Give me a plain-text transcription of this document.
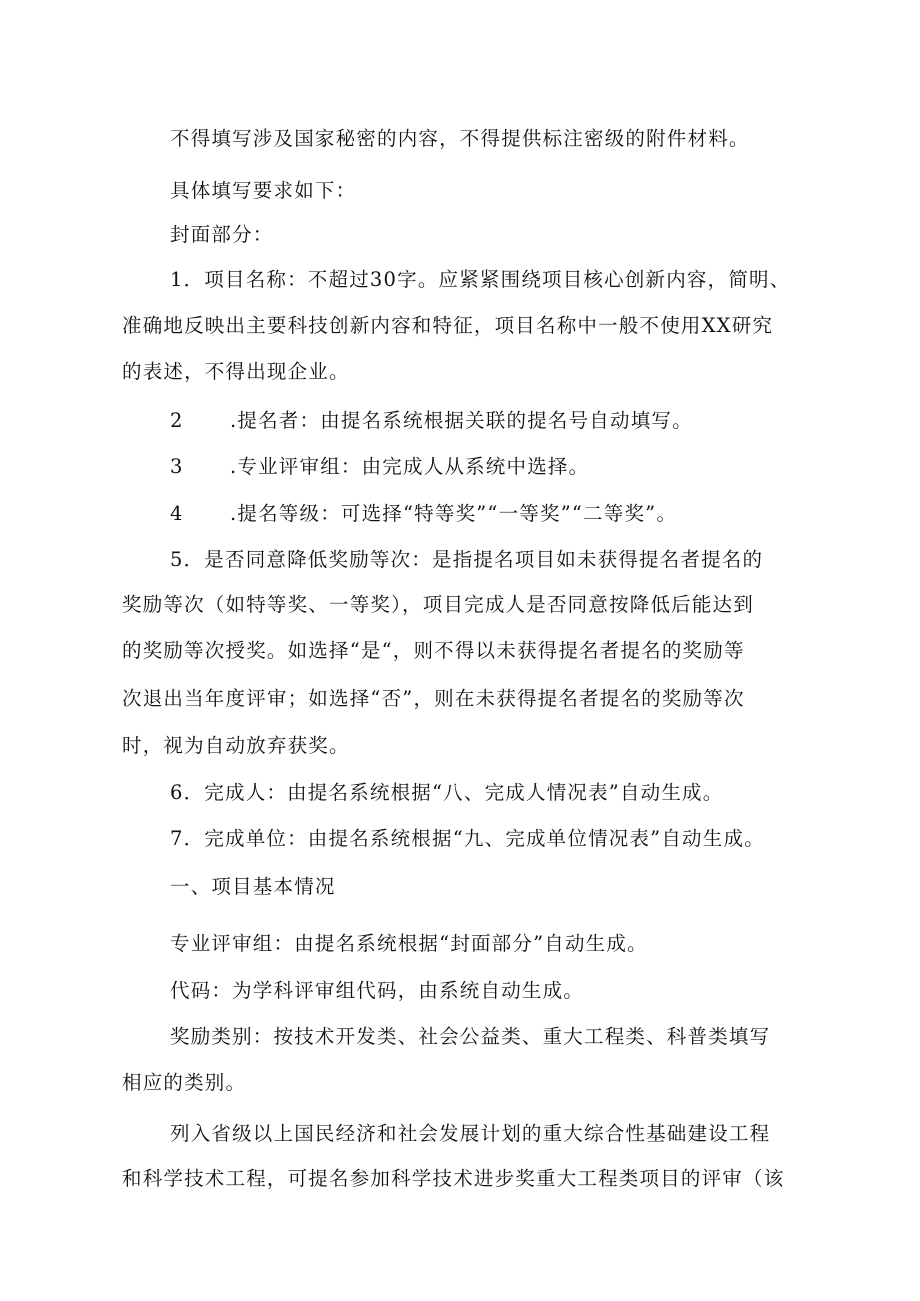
不得填写涉及国家秘密的内容，不得提供标注密级的附件材料。
具体填写要求如下：
封面部分：
1．项目名称：不超过30字。应紧紧围绕项目核心创新内容，简明、
准确地反映出主要科技创新内容和特征，项目名称中一般不使用XX研究
的表述，不得出现企业。
2 .提名者：由提名系统根据关联的提名号自动填写。
3 .专业评审组：由完成人从系统中选择。
4 .提名等级：可选择“特等奖”“一等奖”“二等奖”。
5．是否同意降低奖励等次：是指提名项目如未获得提名者提名的
奖励等次（如特等奖、一等奖），项目完成人是否同意按降低后能达到
的奖励等次授奖。如选择“是“，则不得以未获得提名者提名的奖励等
次退出当年度评审；如选择“否”，则在未获得提名者提名的奖励等次
时，视为自动放弃获奖。
6．完成人：由提名系统根据“八、完成人情况表”自动生成。
7．完成单位：由提名系统根据“九、完成单位情况表”自动生成。
一、项目基本情况
专业评审组：由提名系统根据“封面部分”自动生成。
代码：为学科评审组代码，由系统自动生成。
奖励类别：按技术开发类、社会公益类、重大工程类、科普类填写
相应的类别。
列入省级以上国民经济和社会发展计划的重大综合性基础建设工程
和科学技术工程，可提名参加科学技术进步奖重大工程类项目的评审（该
